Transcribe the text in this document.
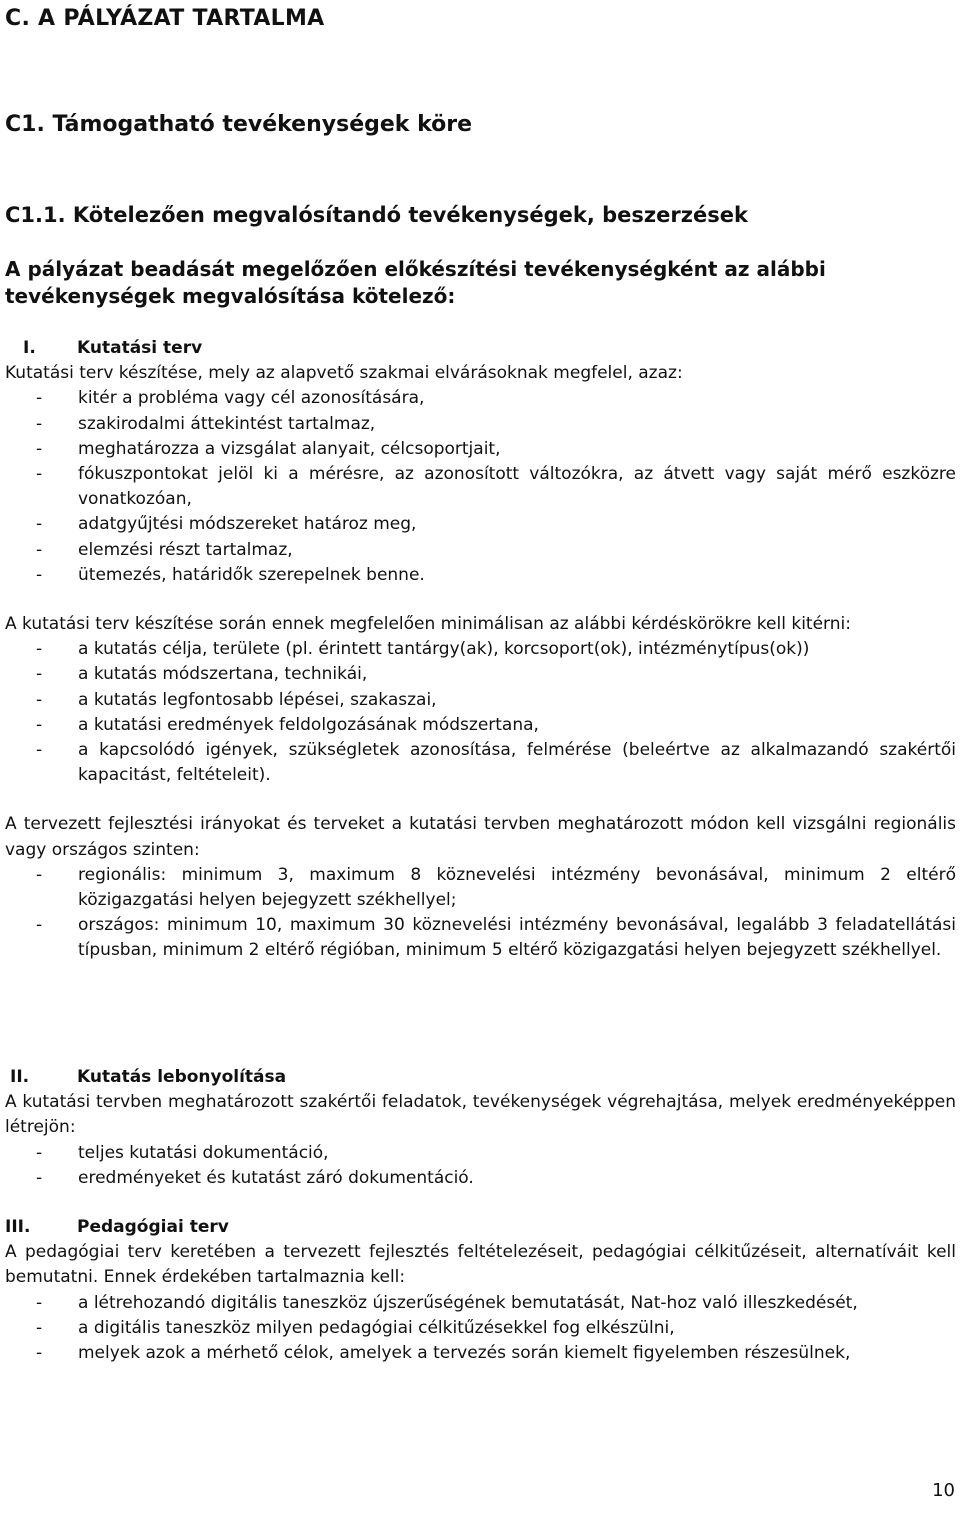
C. A PÁLYÁZAT TARTALMA
C1. Támogatható tevékenységek köre
C1.1. Kötelezően megvalósítandó tevékenységek, beszerzések

A pályázat beadását megelőzően előkészítési tevékenységként az alábbi tevékenységek megvalósítása kötelező:

I.	Kutatási terv

Kutatási terv készítése, mely az alapvető szakmai elvárásoknak megfelel, azaz:

- kitér a probléma vagy cél azonosítására,
- szakirodalmi áttekintést tartalmaz,
- meghatározza a vizsgálat alanyait, célcsoportjait,
- fókuszpontokat jelöl ki a mérésre, az azonosított változókra, az átvett vagy saját mérő eszközre vonatkozóan,
- adatgyűjtési módszereket határoz meg,
- elemzési részt tartalmaz,
- ütemezés, határidők szerepelnek benne.

A kutatási terv készítése során ennek megfelelően minimálisan az alábbi kérdéskörökre kell kitérni:

- a kutatás célja, területe (pl. érintett tantárgy(ak), korcsoport(ok), intézménytípus(ok))
- a kutatás módszertana, technikái,
- a kutatás legfontosabb lépései, szakaszai,
- a kutatási eredmények feldolgozásának módszertana,
- a kapcsolódó igények, szükségletek azonosítása, felmérése (beleértve az alkalmazandó szakértői kapacitást, feltételeit).

A tervezett fejlesztési irányokat és terveket a kutatási tervben meghatározott módon kell vizsgálni regionális vagy országos szinten:

- regionális: minimum 3, maximum 8 köznevelési intézmény bevonásával, minimum 2 eltérő közigazgatási helyen bejegyzett székhellyel;
- országos: minimum 10, maximum 30 köznevelési intézmény bevonásával, legalább 3 feladatellátási típusban, minimum 2 eltérő régióban, minimum 5 eltérő közigazgatási helyen bejegyzett székhellyel.
II.	Kutatás lebonyolítása

A kutatási tervben meghatározott szakértői feladatok, tevékenységek végrehajtása, melyek eredményeképpen létrejön:

- teljes kutatási dokumentáció,
- eredményeket és kutatást záró dokumentáció.
III.	Pedagógiai terv

A pedagógiai terv keretében a tervezett fejlesztés feltételezéseit, pedagógiai célkitűzéseit, alternatíváit kell bemutatni. Ennek érdekében tartalmaznia kell:

- a létrehozandó digitális taneszköz újszerűségének bemutatását, Nat-hoz való illeszkedését,
- a digitális taneszköz milyen pedagógiai célkitűzésekkel fog elkészülni,
- melyek azok a mérhető célok, amelyek a tervezés során kiemelt figyelemben részesülnek,
10
